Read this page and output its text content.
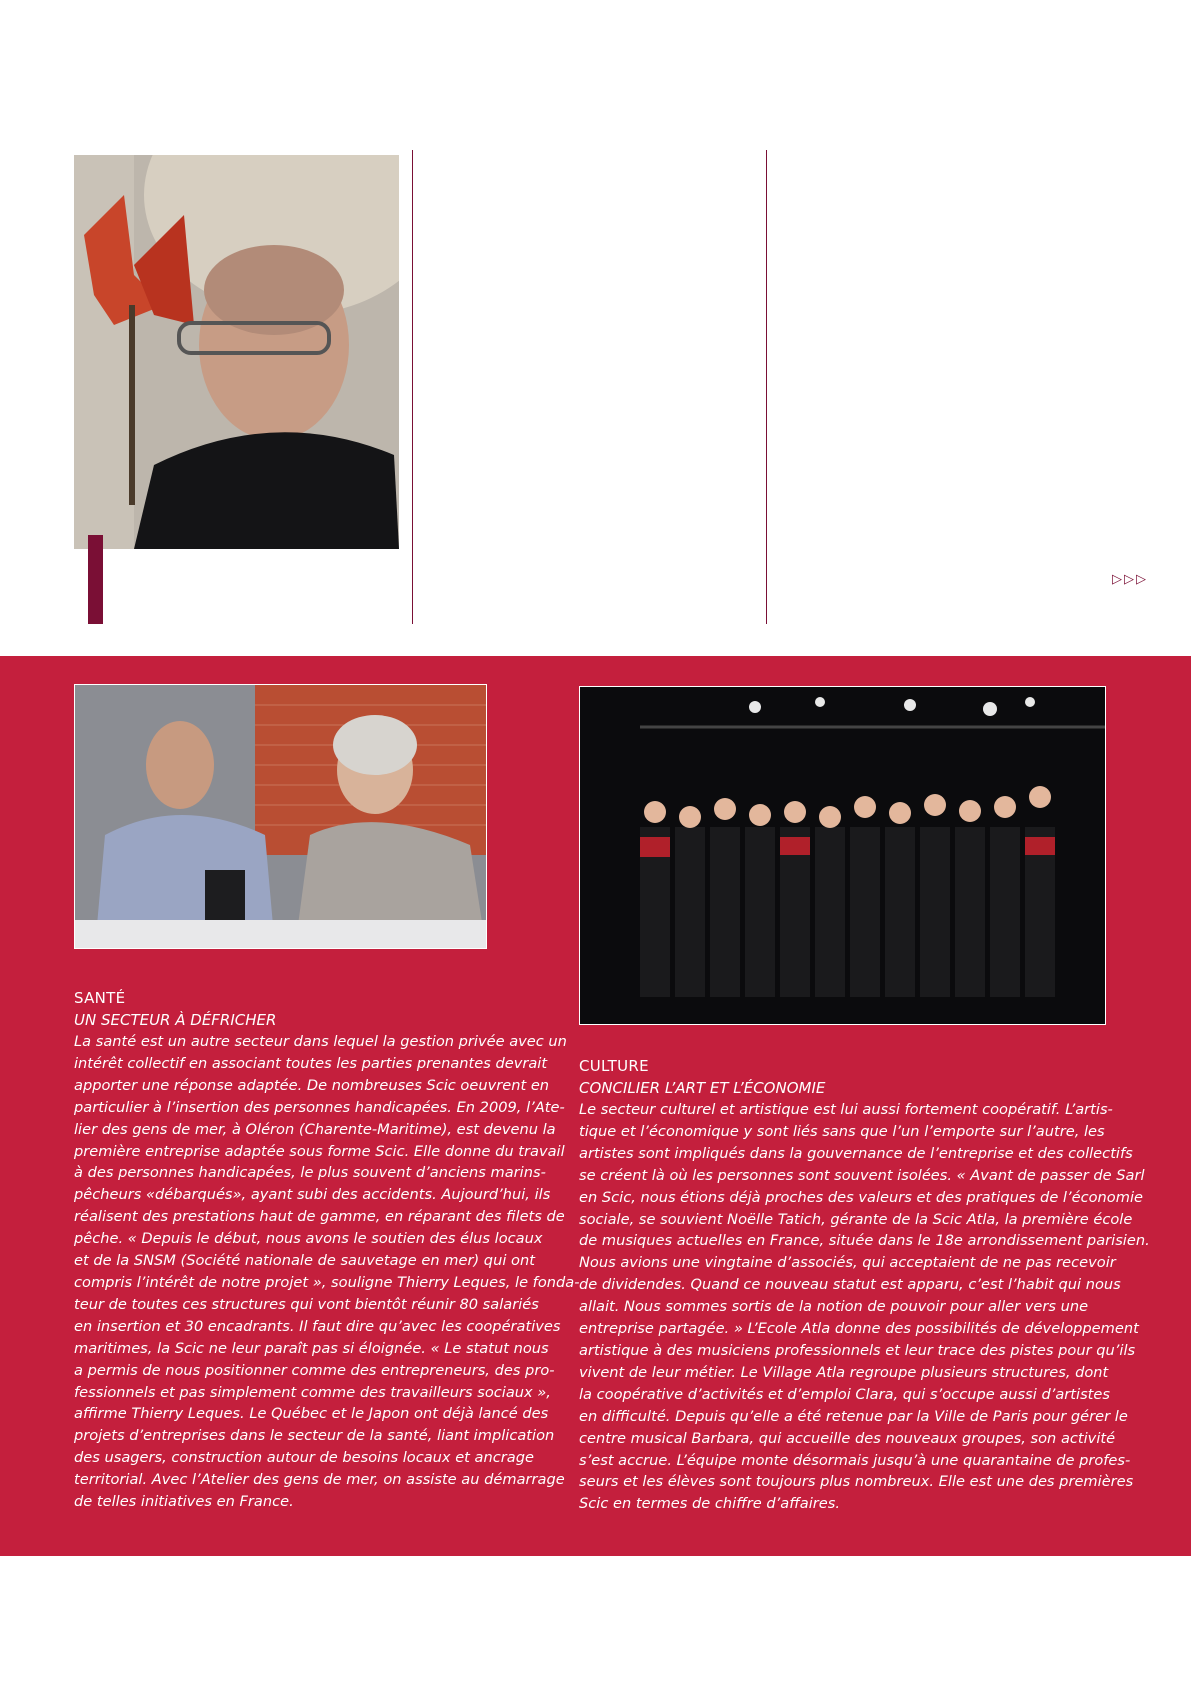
▷▷▷

SANTÉ

UN SECTEUR À DÉFRICHER

La santé est un autre secteur dans lequel la gestion privée avec un
intérêt collectif en associant toutes les parties prenantes devrait
apporter une réponse adaptée. De nombreuses Scic oeuvrent en
particulier à l’insertion des personnes handicapées. En 2009, l’Ate-
lier des gens de mer, à Oléron (Charente-Maritime), est devenu la
première entreprise adaptée sous forme Scic. Elle donne du travail
à des personnes handicapées, le plus souvent d’anciens marins-
pêcheurs «débarqués», ayant subi des accidents. Aujourd’hui, ils
réalisent des prestations haut de gamme, en réparant des filets de
pêche. « Depuis le début, nous avons le soutien des élus locaux
et de la SNSM (Société nationale de sauvetage en mer) qui ont
compris l’intérêt de notre projet », souligne Thierry Leques, le fonda-
teur de toutes ces structures qui vont bientôt réunir 80 salariés
en insertion et 30 encadrants. Il faut dire qu’avec les coopératives
maritimes, la Scic ne leur paraît pas si éloignée. « Le statut nous
a permis de nous positionner comme des entrepreneurs, des pro-
fessionnels et pas simplement comme des travailleurs sociaux »,
affirme Thierry Leques. Le Québec et le Japon ont déjà lancé des
projets d’entreprises dans le secteur de la santé, liant implication
des usagers, construction autour de besoins locaux et ancrage
territorial. Avec l’Atelier des gens de mer, on assiste au démarrage
de telles initiatives en France.

CULTURE

CONCILIER L’ART ET L’ÉCONOMIE

Le secteur culturel et artistique est lui aussi fortement coopératif. L’artis-
tique et l’économique y sont liés sans que l’un l’emporte sur l’autre, les
artistes sont impliqués dans la gouvernance de l’entreprise et des collectifs
se créent là où les personnes sont souvent isolées. « Avant de passer de Sarl
en Scic, nous étions déjà proches des valeurs et des pratiques de l’économie
sociale, se souvient Noëlle Tatich, gérante de la Scic Atla, la première école
de musiques actuelles en France, située dans le 18e arrondissement parisien.
Nous avions une vingtaine d’associés, qui acceptaient de ne pas recevoir
de dividendes. Quand ce nouveau statut est apparu, c’est l’habit qui nous
allait. Nous sommes sortis de la notion de pouvoir pour aller vers une
entreprise partagée. » L’Ecole Atla donne des possibilités de développement
artistique à des musiciens professionnels et leur trace des pistes pour qu’ils
vivent de leur métier. Le Village Atla regroupe plusieurs structures, dont
la coopérative d’activités et d’emploi Clara, qui s’occupe aussi d’artistes
en difficulté. Depuis qu’elle a été retenue par la Ville de Paris pour gérer le
centre musical Barbara, qui accueille des nouveaux groupes, son activité
s’est accrue. L’équipe monte désormais jusqu’à une quarantaine de profes-
seurs et les élèves sont toujours plus nombreux. Elle est une des premières
Scic en termes de chiffre d’affaires.
